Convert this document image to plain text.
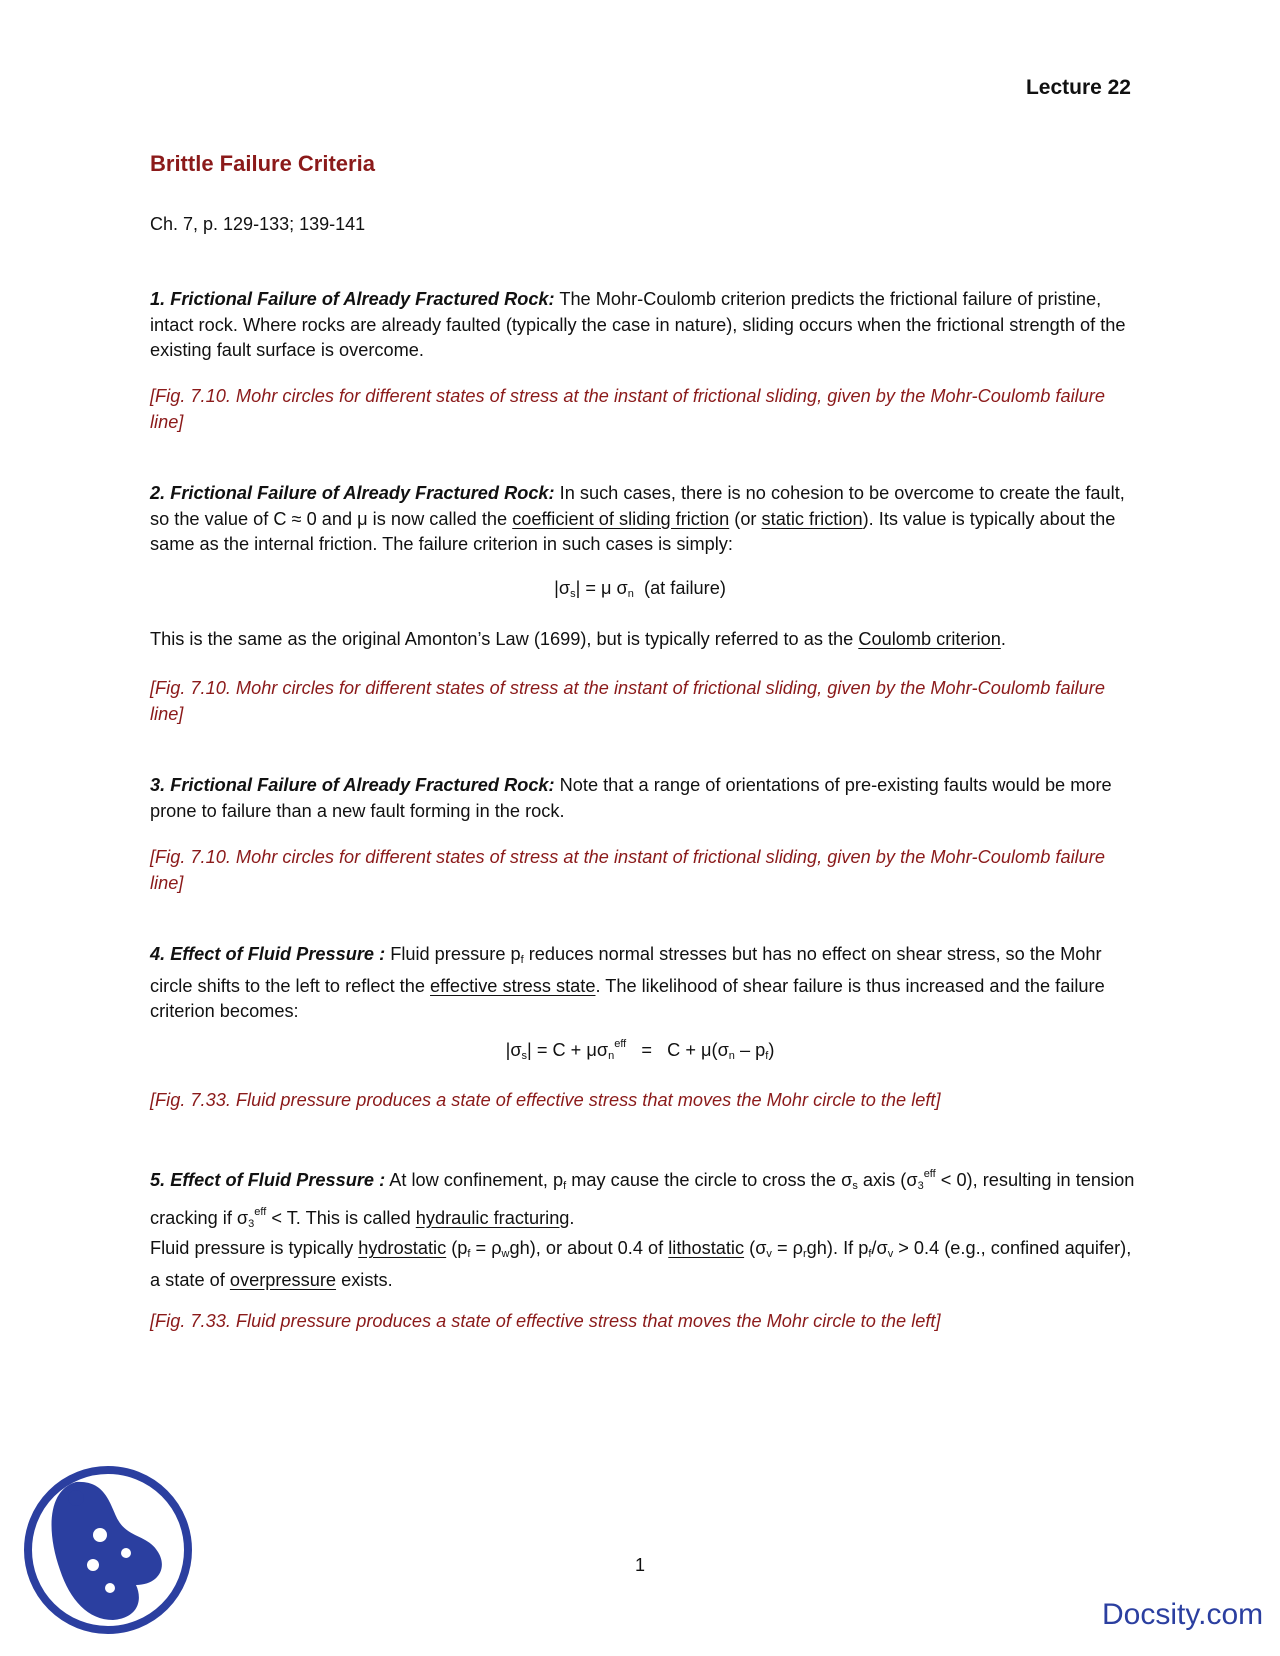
Lecture 22
Brittle Failure Criteria
Ch. 7, p. 129-133; 139-141
1. Frictional Failure of Already Fractured Rock: The Mohr-Coulomb criterion predicts the frictional failure of pristine, intact rock. Where rocks are already faulted (typically the case in nature), sliding occurs when the frictional strength of the existing fault surface is overcome.
[Fig. 7.10. Mohr circles for different states of stress at the instant of frictional sliding, given by the Mohr-Coulomb failure line]
2. Frictional Failure of Already Fractured Rock: In such cases, there is no cohesion to be overcome to create the fault, so the value of C ≈ 0 and μ is now called the coefficient of sliding friction (or static friction). Its value is typically about the same as the internal friction. The failure criterion in such cases is simply:
$|\sigma_s| = \mu$ $\sigma_n$  (at failure)
This is the same as the original Amonton’s Law (1699), but is typically referred to as the Coulomb criterion.
[Fig. 7.10. Mohr circles for different states of stress at the instant of frictional sliding, given by the Mohr-Coulomb failure line]
3. Frictional Failure of Already Fractured Rock: Note that a range of orientations of pre-existing faults would be more prone to failure than a new fault forming in the rock.
[Fig. 7.10. Mohr circles for different states of stress at the instant of frictional sliding, given by the Mohr-Coulomb failure line]
4. Effect of Fluid Pressure : Fluid pressure $p_f$ reduces normal stresses but has no effect on shear stress, so the Mohr circle shifts to the left to reflect the effective stress state. The likelihood of shear failure is thus increased and the failure criterion becomes:
$|\sigma_s| = C + \mu\sigma_n^{eff} = C + \mu(\sigma_n - p_f)$
[Fig. 7.33. Fluid pressure produces a state of effective stress that moves the Mohr circle to the left]
5. Effect of Fluid Pressure : At low confinement, $p_f$ may cause the circle to cross the $\sigma_s$ axis $(\sigma_3^{eff} < 0)$, resulting in tension cracking if $\sigma_3^{eff} < T$. This is called hydraulic fracturing.
Fluid pressure is typically hydrostatic $(p_f = \rho_wgh)$, or about 0.4 of lithostatic $(\sigma_v = \rho_rgh)$. If $p_f/\sigma_v > 0.4$ (e.g., confined aquifer), a state of overpressure exists.
[Fig. 7.33. Fluid pressure produces a state of effective stress that moves the Mohr circle to the left]
1
Docsity.com
